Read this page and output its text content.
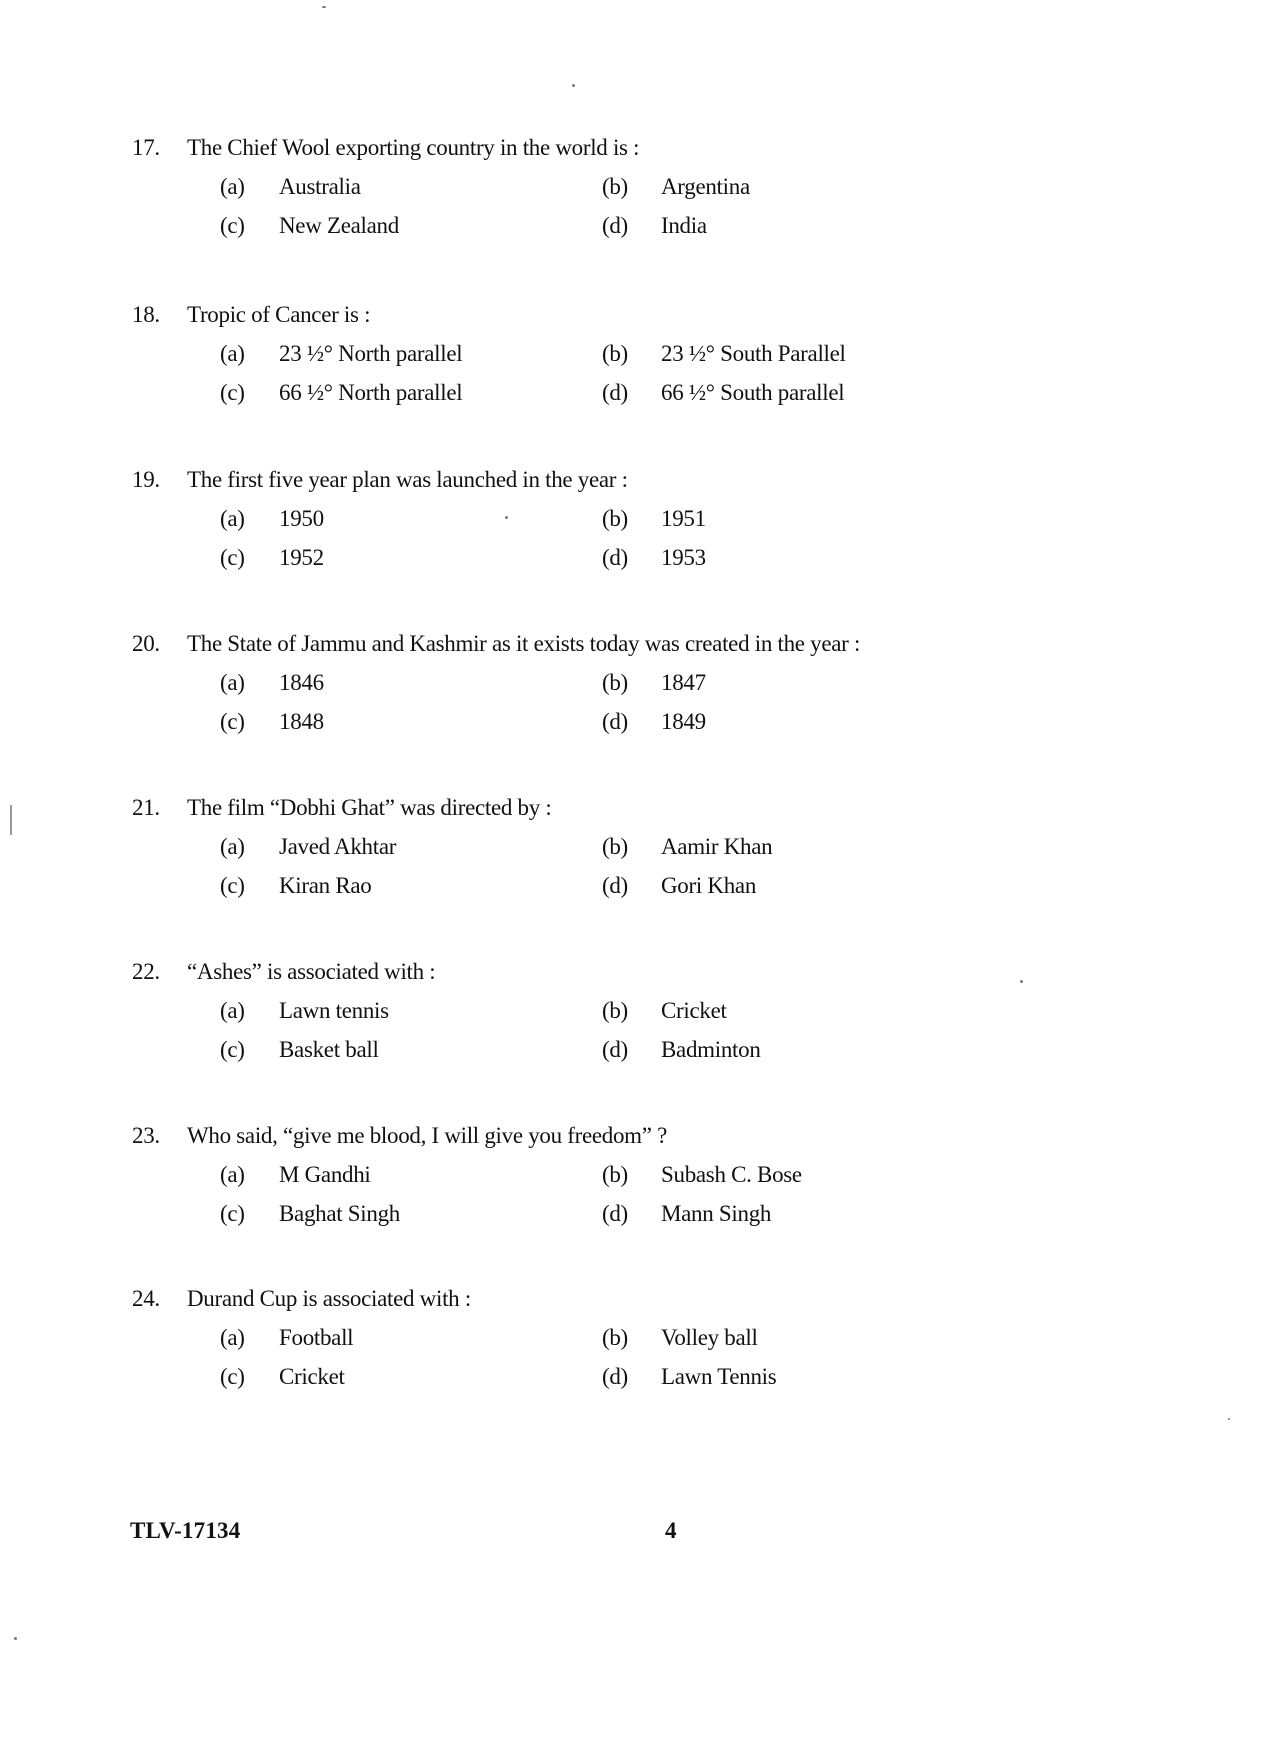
17.	The Chief Wool exporting country in the world is :
(a)	Australia	(b)	Argentina
(c)	New Zealand	(d)	India
18.	Tropic of Cancer is :
(a)	23 ½° North parallel	(b)	23 ½° South Parallel
(c)	66 ½° North parallel	(d)	66 ½° South parallel
19.	The first five year plan was launched in the year :
(a)	1950	(b)	1951
(c)	1952	(d)	1953
20.	The State of Jammu and Kashmir as it exists today was created in the year :
(a)	1846	(b)	1847
(c)	1848	(d)	1849
21.	The film “Dobhi Ghat” was directed by :
(a)	Javed Akhtar	(b)	Aamir Khan
(c)	Kiran Rao	(d)	Gori Khan
22.	“Ashes” is associated with :
(a)	Lawn tennis	(b)	Cricket
(c)	Basket ball	(d)	Badminton
23.	Who said, “give me blood, I will give you freedom” ?
(a)	M Gandhi	(b)	Subash C. Bose
(c)	Baghat Singh	(d)	Mann Singh
24.	Durand Cup is associated with :
(a)	Football	(b)	Volley ball
(c)	Cricket	(d)	Lawn Tennis
TLV-17134	4
